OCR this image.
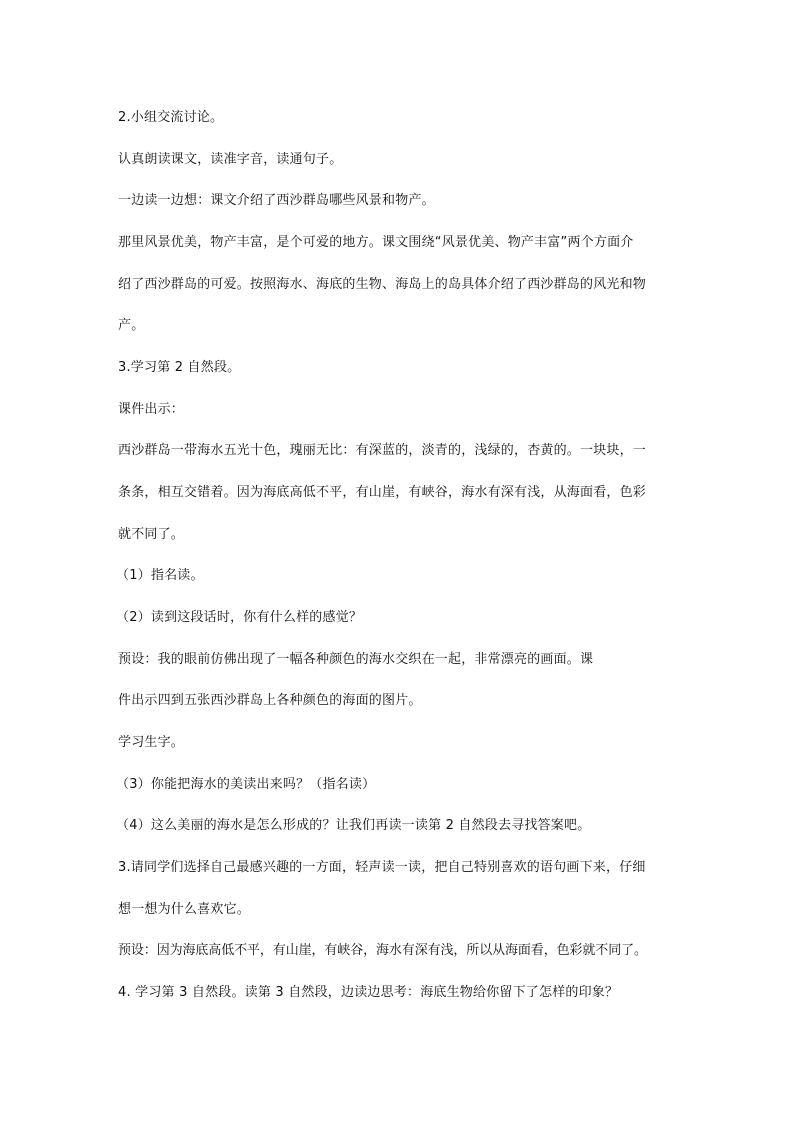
2.小组交流讨论。
认真朗读课文，读准字音，读通句子。
一边读一边想：课文介绍了西沙群岛哪些风景和物产。
那里风景优美，物产丰富，是个可爱的地方。课文围绕“风景优美、物产丰富”两个方面介
绍了西沙群岛的可爱。按照海水、海底的生物、海岛上的岛具体介绍了西沙群岛的风光和物
产。
3.学习第 2 自然段。
课件出示：
西沙群岛一带海水五光十色，瑰丽无比：有深蓝的，淡青的，浅绿的，杏黄的。一块块，一
条条，相互交错着。因为海底高低不平，有山崖，有峡谷，海水有深有浅，从海面看，色彩
就不同了。
（1）指名读。
（2）读到这段话时，你有什么样的感觉？
预设：我的眼前仿佛出现了一幅各种颜色的海水交织在一起，非常漂亮的画面。课
件出示四到五张西沙群岛上各种颜色的海面的图片。
学习生字。
（3）你能把海水的美读出来吗？（指名读）
（4）这么美丽的海水是怎么形成的？让我们再读一读第 2 自然段去寻找答案吧。
3.请同学们选择自己最感兴趣的一方面，轻声读一读，把自己特别喜欢的语句画下来，仔细
想一想为什么喜欢它。
预设：因为海底高低不平，有山崖，有峡谷，海水有深有浅，所以从海面看，色彩就不同了。
4. 学习第 3 自然段。读第 3 自然段，边读边思考：海底生物给你留下了怎样的印象？
